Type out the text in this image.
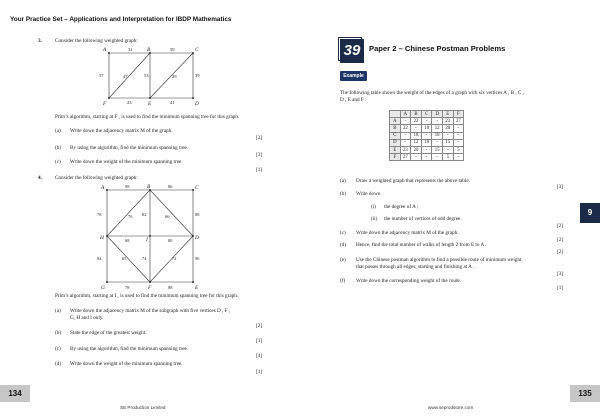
Your Practice Set – Applications and Interpretation for IBDP Mathematics
3.	Consider the following weighted graph:
A	B	C
F	E	D
31	59
57	47	53	29	39
23	41
Prim’s algorithm, starting at F , is used to find the minimum spanning tree for this graph.
(a) Write down the adjacency matrix M of the graph.
[2]
(b) By using the algorithm, find the minimum spanning tree.
[3]
(c) Write down the weight of the minimum spanning tree.
[1]
4.	Consider the following weighted graph:
A	B	C
H	I	D
G	F	E
98	86
78	76 82	66	88
68	80
84	65	74	72	96
78	88
Prim’s algorithm, starting at I , is used to find the minimum spanning tree for this graph.
(a) Write down the adjacency matrix M of the subgraph with five vertices D , F ,
G, H and I only.
[2]
(b) State the edge of the greatest weight.
[1]
(c) By using the algorithm, find the minimum spanning tree.
[4]
(d) Write down the weight of the minimum spanning tree.
[1]
39	Paper 2 – Chinese Postman Problems
Example
The following table shows the weight of the edges of a graph with six vertices A , B , C ,
D , E and F :
	A	B	C	D	E	F
A	-	22	-	-	23	27
B	22	-	18	12	20	-
C	-	18	-	18	-	-
D	-	12	18	-	15	-
E	23	20	-	15	-	5
F	27	-	-	-	5	-
(a) Draw a weighted graph that represents the above table.
[3]
(b) Write down
(i) the degree of A ;
(ii) the number of vertices of odd degree.
[2]
(c) Write down the adjacency matrix M of the graph.
[2]
(d) Hence, find the total number of walks of length 2 from E to A .
[2]
(e) Use the Chinese postman algorithm to find a possible route of minimum weight
that passes through all edges, starting and finishing at A .
[3]
(f) Write down the corresponding weight of the route.
[1]
9
134	135
SE Production Limited	www.seprodstore.com
